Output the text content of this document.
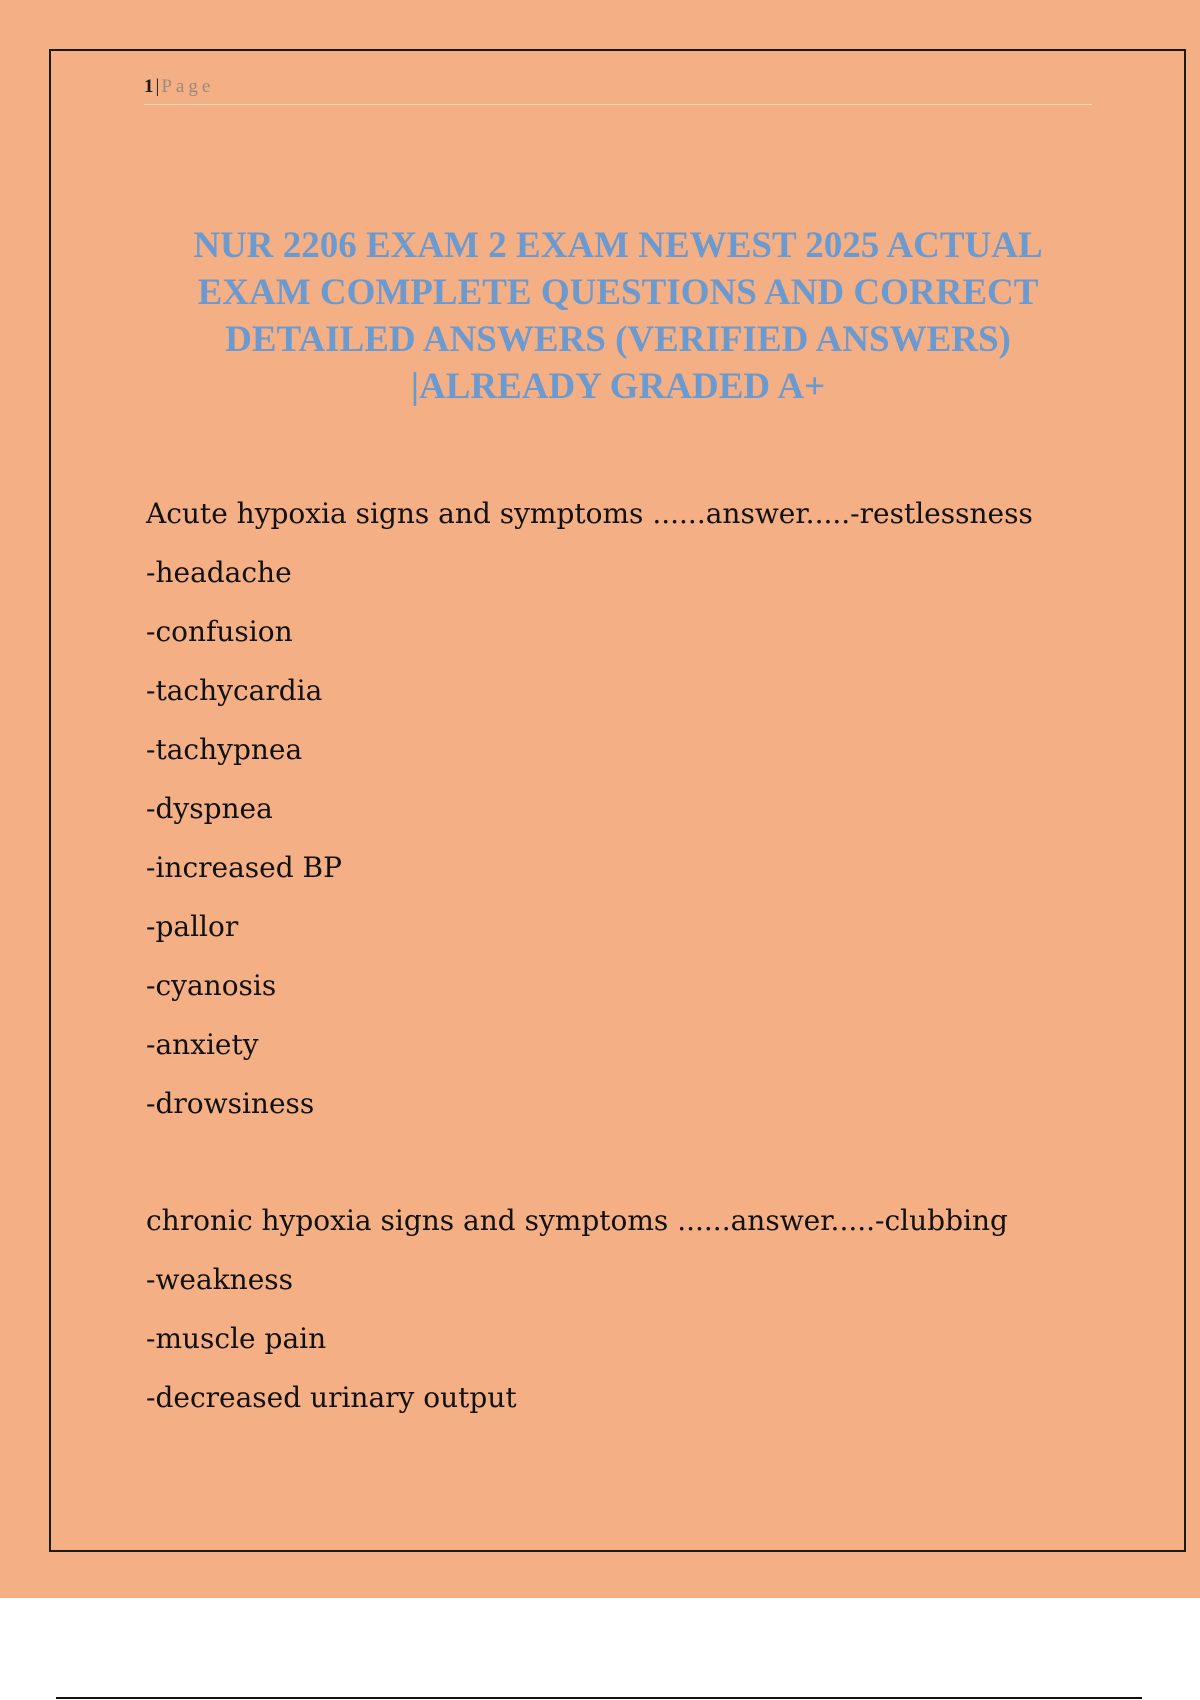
1 | Page
NUR 2206 EXAM 2 EXAM NEWEST 2025 ACTUAL EXAM COMPLETE QUESTIONS AND CORRECT DETAILED ANSWERS (VERIFIED ANSWERS) |ALREADY GRADED A+
Acute hypoxia signs and symptoms ......answer.....-restlessness
-headache
-confusion
-tachycardia
-tachypnea
-dyspnea
-increased BP
-pallor
-cyanosis
-anxiety
-drowsiness
chronic hypoxia signs and symptoms ......answer.....-clubbing
-weakness
-muscle pain
-decreased urinary output
